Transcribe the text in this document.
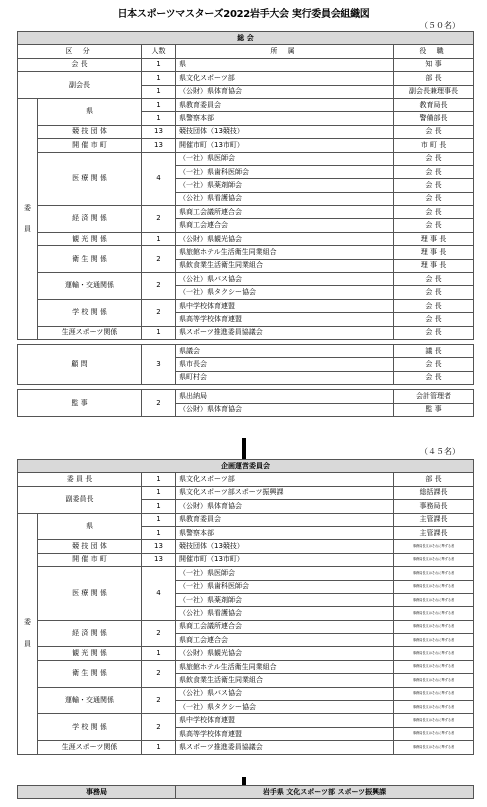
日本スポーツマスターズ2022岩手大会 実行委員会組織図
（５０名）
総 会				
区 分		人数	所 属	役 職
会 長		1	県	知 事
副会長		1	県文化スポーツ部	部 長
		1	（公財）県体育協会	副会長兼理事長

委
員	県	1	県教育委員会	教育局長
		1	県警察本部	警備部長
	競 技 団 体	13	競技団体（13競技）	会 長
	開 催 市 町	13	開催市町（13市町）	市 町 長
	医 療 関 係	4	（一社）県医師会	会 長
			（一社）県歯科医師会	会 長
			（一社）県薬剤師会	会 長
			（公社）県看護協会	会 長
	経 済 関 係	2	県商工会議所連合会	会 長
			県商工会連合会	会 長
	観 光 関 係	1	（公財）県観光協会	理 事 長
	衛 生 関 係	2	県旅館ホテル生活衛生同業組合	理 事 長
			県飲食業生活衛生同業組合	理 事 長
	運輸・交通関係	2	（公社）県バス協会	会 長
			（一社）県タクシー協会	会 長
	学 校 関 係	2	県中学校体育連盟	会 長
			県高等学校体育連盟	会 長
	生涯スポーツ関係	1	県スポーツ推進委員協議会	会 長

顧 問		3	県議会	議 長
			県市長会	会 長
			県町村会	会 長

監 事		2	県出納局	会計管理者
			（公財）県体育協会	監 事
（４５名）
企画運営委員会				
委 員 長		1	県文化スポーツ部	部 長
副委員長		1	県文化スポーツ部スポーツ振興課	総括課長
		1	（公財）県体育協会	事務局長

委
員	県	1	県教育委員会	主管課長
		1	県警察本部	主管課長
	競 技 団 体	13	競技団体（13競技）	事務局長又はそれに準ずる者
	開 催 市 町	13	開催市町（13市町）	事務局長又はそれに準ずる者
	医 療 関 係	4	（一社）県医師会	事務局長又はそれに準ずる者
			（一社）県歯科医師会	事務局長又はそれに準ずる者
			（一社）県薬剤師会	事務局長又はそれに準ずる者
			（公社）県看護協会	事務局長又はそれに準ずる者
	経 済 関 係	2	県商工会議所連合会	事務局長又はそれに準ずる者
			県商工会連合会	事務局長又はそれに準ずる者
	観 光 関 係	1	（公財）県観光協会	事務局長又はそれに準ずる者
	衛 生 関 係	2	県旅館ホテル生活衛生同業組合	事務局長又はそれに準ずる者
			県飲食業生活衛生同業組合	事務局長又はそれに準ずる者
	運輸・交通関係	2	（公社）県バス協会	事務局長又はそれに準ずる者
			（一社）県タクシー協会	事務局長又はそれに準ずる者
	学 校 関 係	2	県中学校体育連盟	事務局長又はそれに準ずる者
			県高等学校体育連盟	事務局長又はそれに準ずる者
	生涯スポーツ関係	1	県スポーツ推進委員協議会	事務局長又はそれに準ずる者
事務局	岩手県 文化スポーツ部 スポーツ振興課
